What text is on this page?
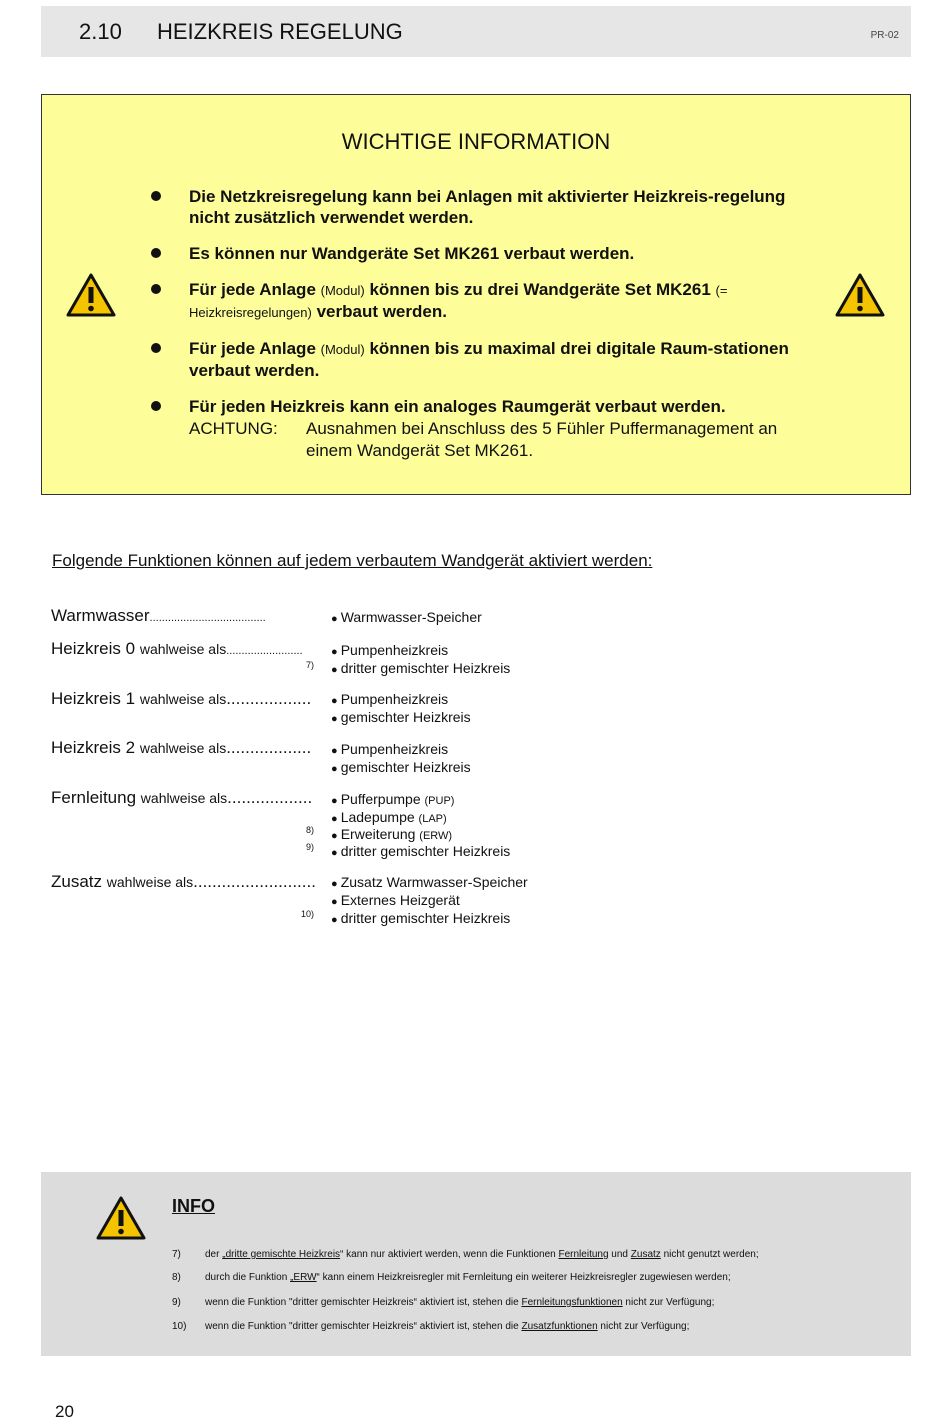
2.10 HEIZKREIS REGELUNG	PR-02
WICHTIGE INFORMATION
Die Netzkreisregelung kann bei Anlagen mit aktivierter Heizkreis-regelung nicht zusätzlich verwendet werden.
Es können nur Wandgeräte Set MK261 verbaut werden.
Für jede Anlage (Modul) können bis zu drei Wandgeräte Set MK261 (= Heizkreisregelungen) verbaut werden.
Für jede Anlage (Modul) können bis zu maximal drei digitale Raum-stationen verbaut werden.
Für jeden Heizkreis kann ein analoges Raumgerät verbaut werden.
ACHTUNG:	Ausnahmen bei Anschluss des 5 Fühler Puffermanagement an einem Wandgerät Set MK261.
Folgende Funktionen können auf jedem verbautem Wandgerät aktiviert werden:
Warmwasser......................................	● Warmwasser-Speicher
Heizkreis 0 wahlweise als.........................	● Pumpenheizkreis
7)	● dritter gemischter Heizkreis
Heizkreis 1 wahlweise als..................	● Pumpenheizkreis
● gemischter Heizkreis
Heizkreis 2 wahlweise als..................	● Pumpenheizkreis
● gemischter Heizkreis
Fernleitung wahlweise als..................	● Pufferpumpe (PUP)
● Ladepumpe (LAP)
8)	● Erweiterung (ERW)
9)	● dritter gemischter Heizkreis
Zusatz wahlweise als..........................	● Zusatz Warmwasser-Speicher
● Externes Heizgerät
10)	● dritter gemischter Heizkreis
INFO
7) der „dritte gemischte Heizkreis“ kann nur aktiviert werden, wenn die Funktionen Fernleitung und Zusatz nicht genutzt werden;
8) durch die Funktion „ERW“ kann einem Heizkreisregler mit Fernleitung ein weiterer Heizkreisregler zugewiesen werden;
9) wenn die Funktion "dritter gemischter Heizkreis“ aktiviert ist, stehen die Fernleitungsfunktionen nicht zur Verfügung;
10) wenn die Funktion "dritter gemischter Heizkreis“ aktiviert ist, stehen die Zusatzfunktionen nicht zur Verfügung;
20
